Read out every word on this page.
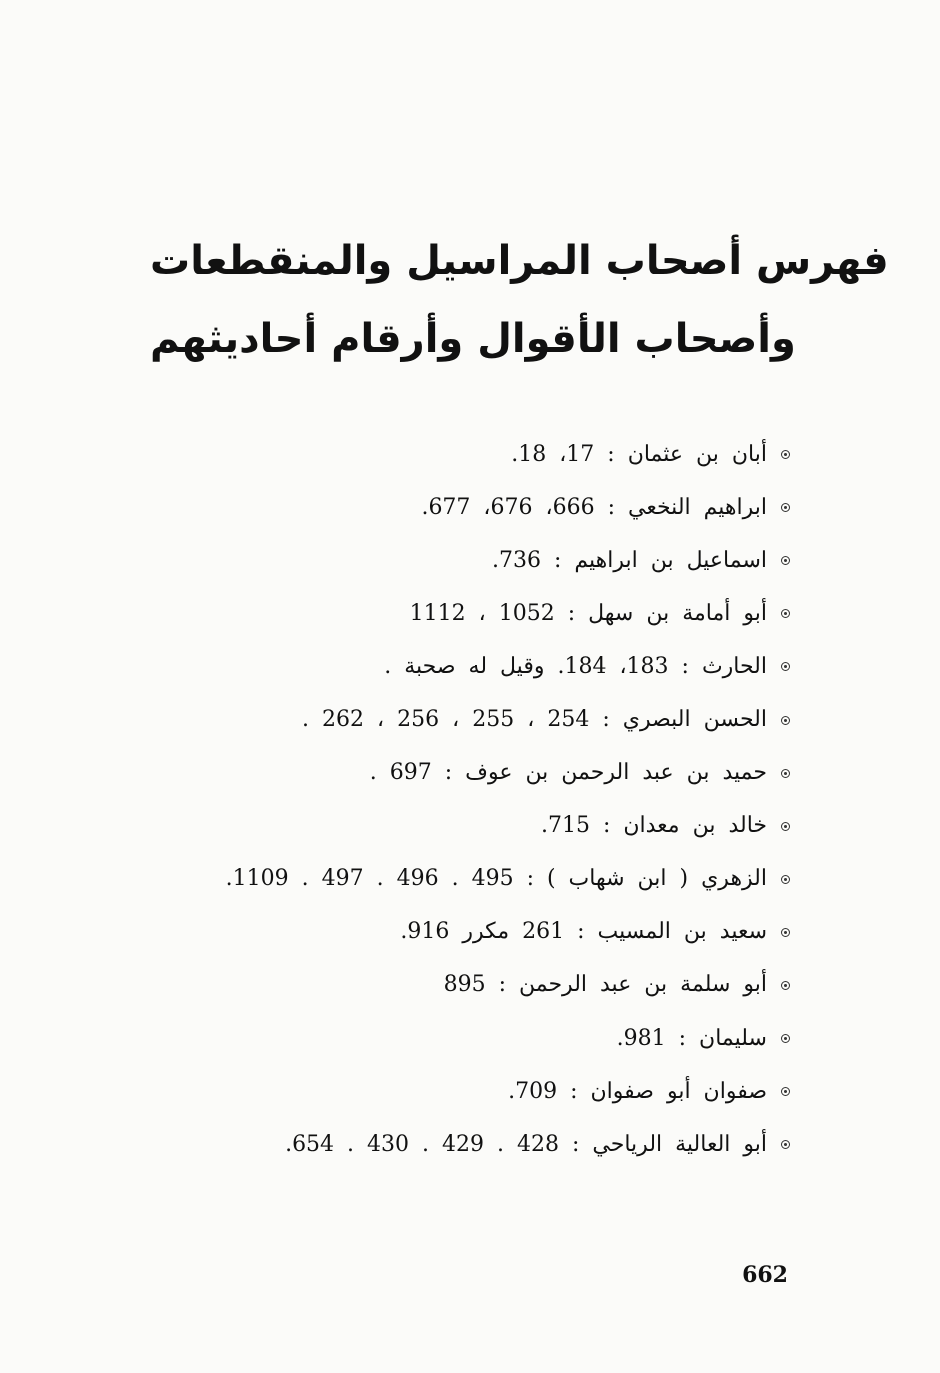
فهرس أصحاب المراسيل والمنقطعات
وأصحاب الأقوال وأرقام أحاديثهم
أبان بن عثمان : 17، 18.
ابراهيم النخعي : 666، 676، 677.
اسماعيل بن ابراهيم : 736.
أبو أمامة بن سهل : 1052 ، 1112
الحارث : 183، 184. وقيل له صحبة .
الحسن البصري : 254 ، 255 ، 256 ، 262 .
حميد بن عبد الرحمن بن عوف : 697 .
خالد بن معدان : 715.
الزهري ( ابن شهاب ) : 495 . 496 . 497 . 1109.
سعيد بن المسيب : 261 مكرر 916.
أبو سلمة بن عبد الرحمن : 895
سليمان : 981.
صفوان أبو صفوان : 709.
أبو العالية الرياحي : 428 . 429 . 430 . 654.
662
